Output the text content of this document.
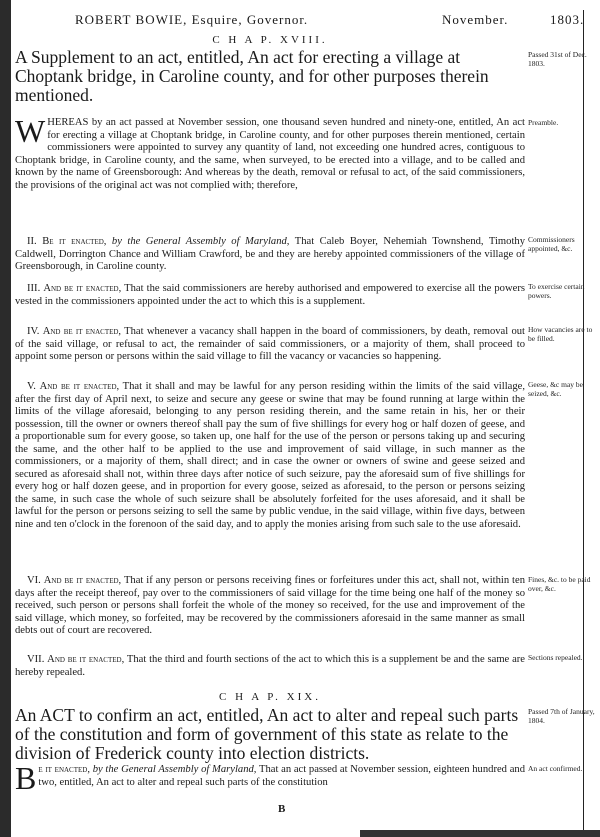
ROBERT BOWIE, Esquire, Governor.	November.	1803.
C H A P. XVIII.
A Supplement to an act, entitled, An act for erecting a village at Choptank bridge, in Caroline county, and for other purposes therein mentioned.
WHEREAS by an act passed at November session, one thousand seven hundred and ninety-one, entitled, An act for erecting a village at Choptank bridge, in Caroline county, and for other purposes therein mentioned, certain commissioners were appointed to survey any quantity of land, not exceeding one hundred acres, contiguous to Choptank bridge, in Caroline county, and the same, when surveyed, to be erected into a village, and to be called and known by the name of Greensborough: And whereas by the death, removal or refusal to act, of the said commissioners, the provisions of the original act was not complied with; therefore,
II. Be it enacted, by the General Assembly of Maryland, That Caleb Boyer, Nehemiah Townshend, Timothy Caldwell, Dorrington Chance and William Crawford, be and they are hereby appointed commissioners of the village of Greensborough, in Caroline county.
III. And be it enacted, That the said commissioners are hereby authorised and empowered to exercise all the powers vested in the commissioners appointed under the act to which this is a supplement.
IV. And be it enacted, That whenever a vacancy shall happen in the board of commissioners, by death, removal out of the said village, or refusal to act, the remainder of said commissioners, or a majority of them, shall proceed to appoint some person or persons within the said village to fill the vacancy or vacancies so happening.
V. And be it enacted, That it shall and may be lawful for any person residing within the limits of the said village, after the first day of April next, to seize and secure any geese or swine that may be found running at large within the limits of the village aforesaid, belonging to any person residing therein, and the same retain in his, her or their possession, till the owner or owners thereof shall pay the sum of five shillings for every hog or half dozen of geese, and a proportionable sum for every goose, so taken up, one half for the use of the person or persons taking up and securing the same, and the other half to be applied to the use and improvement of said village, in such manner as the commissioners, or a majority of them, shall direct; and in case the owner or owners of swine and geese seized and secured as aforesaid shall not, within three days after notice of such seizure, pay the aforesaid sum of five shillings for every hog or half dozen geese, and in proportion for every goose, seized as aforesaid, to the person or persons seizing the same, in such case the whole of such seizure shall be absolutely forfeited for the uses aforesaid, and it shall be lawful for the person or persons seizing to sell the same by public vendue, in the said village, within five days, between nine and ten o'clock in the forenoon of the said day, and to apply the monies arising from such sale to the use aforesaid.
VI. And be it enacted, That if any person or persons receiving fines or forfeitures under this act, shall not, within ten days after the receipt thereof, pay over to the commissioners of said village for the time being one half of the money so received, such person or persons shall forfeit the whole of the money so received, for the use and improvement of the said village, which money, so forfeited, may be recovered by the commissioners aforesaid in the same manner as small debts out of court are recovered.
VII. And be it enacted, That the third and fourth sections of the act to which this is a supplement be and the same are hereby repealed.
C H A P. XIX.
An ACT to confirm an act, entitled, An act to alter and repeal such parts of the constitution and form of government of this state as relate to the division of Frederick county into election districts.
Be it enacted, by the General Assembly of Maryland, That an act passed at November session, eighteen hundred and two, entitled, An act to alter and repeal such parts of the constitution
B
Passed 31st of Dec. 1803.
Preamble.
Commissioners appointed, &c.
To exercise certain powers.
How vacancies are to be filled.
Geese, &c may be seized, &c.
Fines, &c. to be paid over, &c.
Sections repealed.
Passed 7th of January, 1804.
An act confirmed.
